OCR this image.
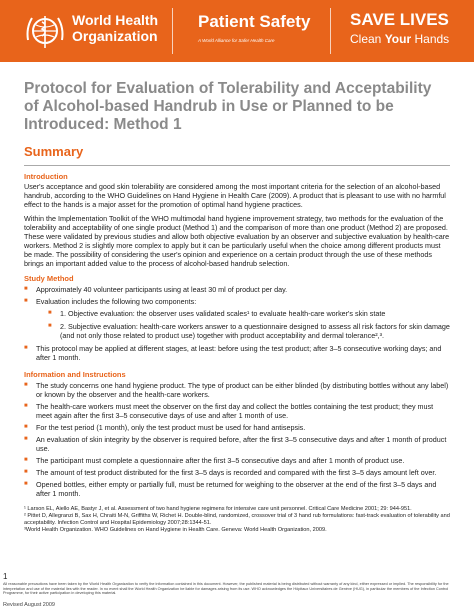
World Health
Organization
Patient Safety
A World Alliance for Safer Health Care
SAVE LIVES
Clean Your Hands
Protocol for Evaluation of Tolerability and Acceptability of Alcohol-based Handrub in Use or Planned to be Introduced: Method 1
Summary
Introduction

User's acceptance and good skin tolerability are considered among the most important criteria for the selection of an alcohol-based handrub, according to the WHO Guidelines on Hand Hygiene in Health Care (2009). A product that is pleasant to use with no harmful effect to the hands is a major asset for the promotion of optimal hand hygiene practices.

Within the Implementation Toolkit of the WHO multimodal hand hygiene improvement strategy, two methods for the evaluation of the tolerability and acceptability of one single product (Method 1) and the comparison of more than one product (Method 2) are proposed. These were validated by previous studies and allow both objective evaluation by an observer and subjective evaluation by health-care workers. Method 2 is slightly more complex to apply but it can be particularly useful when the choice among different products must be made. The possibility of considering the user's opinion and experience on a certain product through the use of these methods brings an important added value to the process of alcohol-based handrub selection.

Study Method
■ Approximately 40 volunteer participants using at least 30 ml of product per day.
■ Evaluation includes the following two components:
■ 1. Objective evaluation: the observer uses validated scales¹ to evaluate health-care worker's skin state
■ 2. Subjective evaluation: health-care workers answer to a questionnaire designed to assess all risk factors for skin damage (and not only those related to product use) together with product acceptability and dermal tolerance²,³.
■ This protocol may be applied at different stages, at least: before using the test product; after 3–5 consecutive working days; and after 1 month.
Information and Instructions
■ The study concerns one hand hygiene product. The type of product can be either blinded (by distributing bottles without any label) or known by the observer and the health-care workers.
■ The health-care workers must meet the observer on the first day and collect the bottles containing the test product; they must meet again after the first 3–5 consecutive days of use and after 1 month of use.
■ For the test period (1 month), only the test product must be used for hand antisepsis.
■ An evaluation of skin integrity by the observer is required before, after the first 3–5 consecutive days and after 1 month of product use.
■ The participant must complete a questionnaire after the first 3–5 consecutive days and after 1 month of product use.
■ The amount of test product distributed for the first 3–5 days is recorded and compared with the first 3–5 days amount left over.
■ Opened bottles, either empty or partially full, must be returned for weighing to the observer at the end of the first 3–5 days and after 1 month.

¹ Larson EL, Aiello AE, Bastyr J, et al. Assessment of two hand hygiene regimens for intensive care unit personnel. Critical Care Medicine 2001; 29: 944-951.

² Pittet D, Allegranzi B, Sax H, Chraiti M-N, Griffiths W, Richet H. Double-blind, randomized, crossover trial of 3 hand rub formulations: fast-track evaluation of tolerability and acceptability. Infection Control and Hospital Epidemiology 2007;28:1344-51.

³World Health Organization. WHO Guidelines on Hand Hygiene in Health Care. Geneva: World Health Organization, 2009.

1
All reasonable precautions have been taken by the World Health Organization to verify the information contained in this document. However, the published material is being distributed without warranty of any kind, either expressed or implied. The responsibility for the interpretation and use of the material lies with the reader. In no event shall the World Health Organization be liable for damages arising from its use. WHO acknowledges the Hôpitaux Universitaires de Genève (HUG), in particular the members of the Infection Control Programme, for their active participation in developing this material.
Revised August 2009
